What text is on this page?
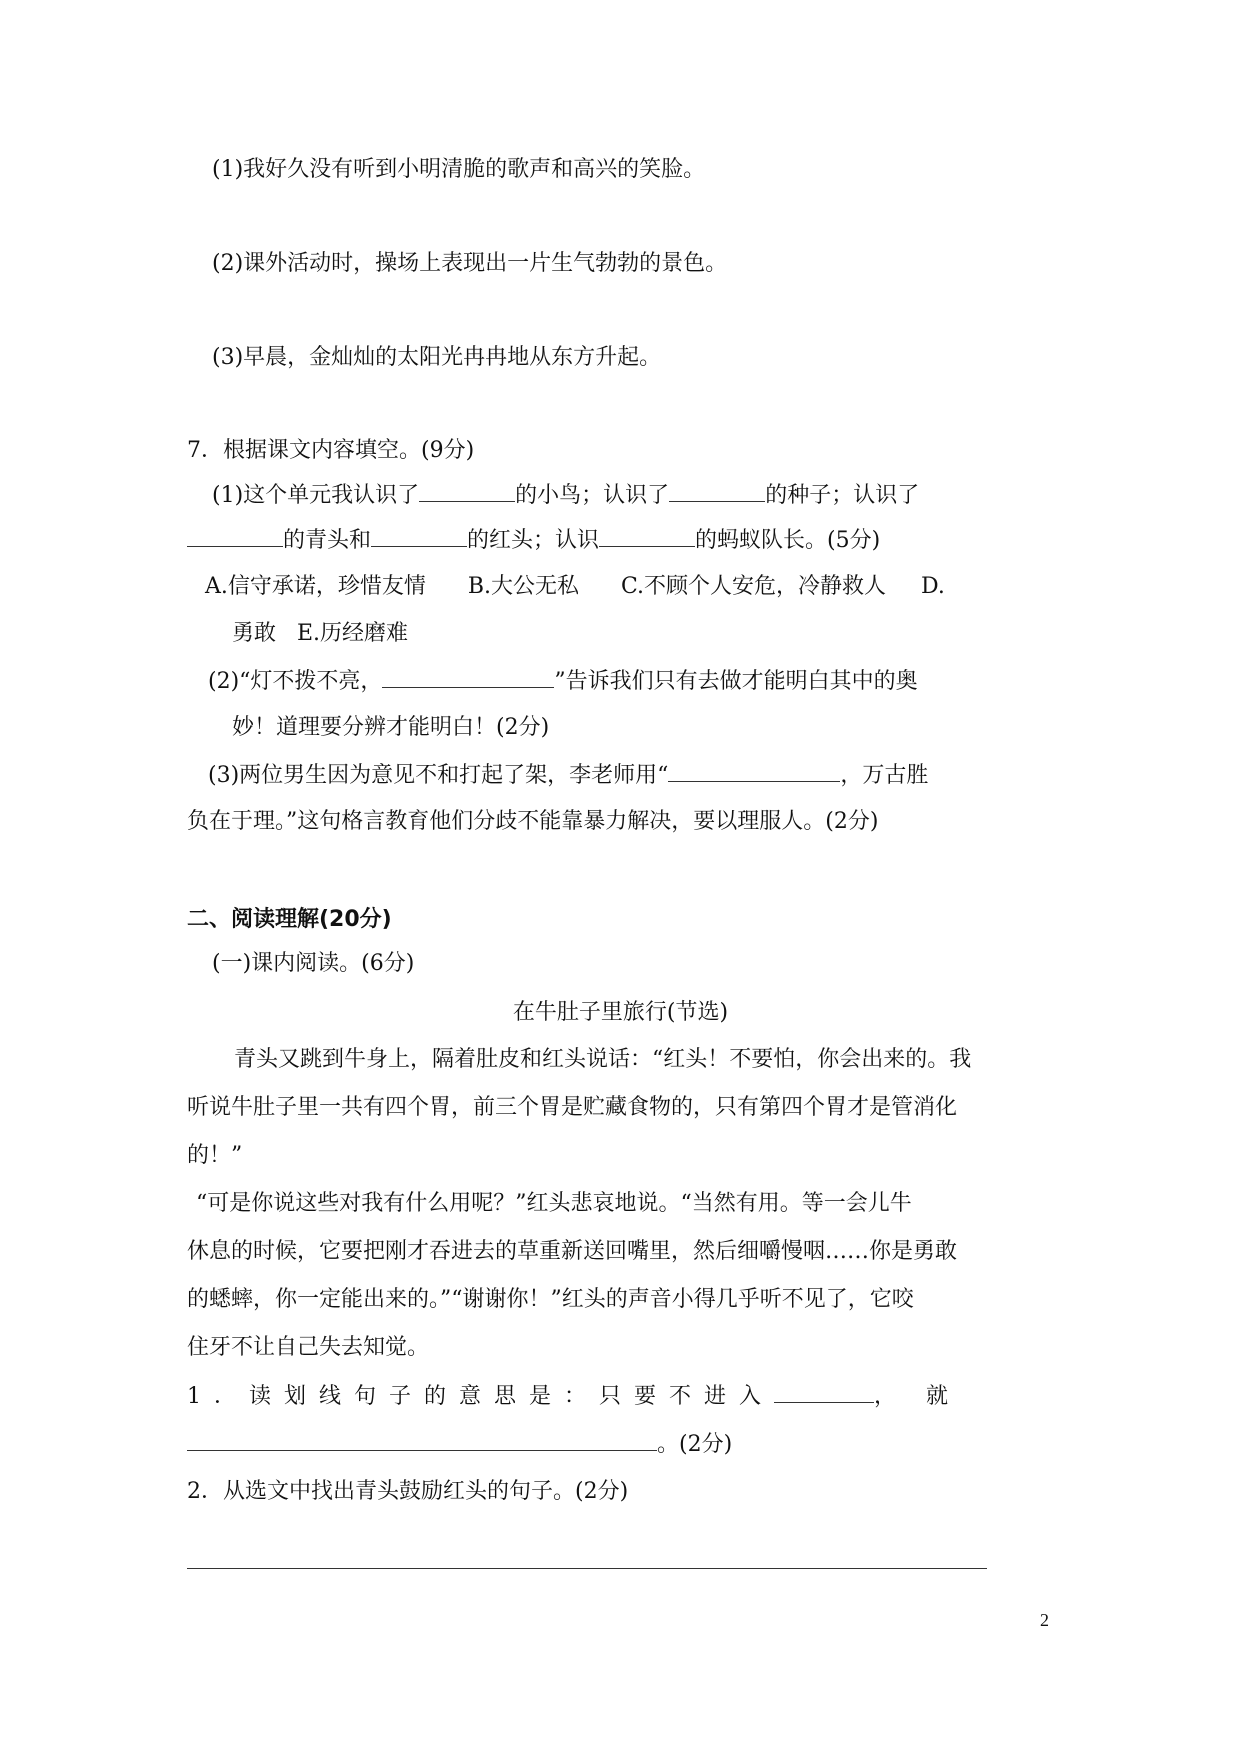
(1)我好久没有听到小明清脆的歌声和高兴的笑脸。
(2)课外活动时，操场上表现出一片生气勃勃的景色。
(3)早晨，金灿灿的太阳光冉冉地从东方升起。
7．根据课文内容填空。(9分)
(1)这个单元我认识了	的小鸟；认识了	的种子；认识了
的青头和	的红头；认识	的蚂蚁队长。(5分)
A.信守承诺，珍惜友情      B.大公无私      C.不顾个人安危，冷静救人     D.
勇敢   E.历经磨难
(2)“灯不拨不亮，	”告诉我们只有去做才能明白其中的奥
妙！道理要分辨才能明白！(2分)
(3)两位男生因为意见不和打起了架，李老师用“	，万古胜
负在于理。”这句格言教育他们分歧不能靠暴力解决，要以理服人。(2分)
二、阅读理解(20分)
(一)课内阅读。(6分)
在牛肚子里旅行(节选)
　青头又跳到牛身上，隔着肚皮和红头说话：“红头！不要怕，你会出来的。我
听说牛肚子里一共有四个胃，前三个胃是贮藏食物的，只有第四个胃才是管消化
的！”
“可是你说这些对我有什么用呢？”红头悲哀地说。“当然有用。等一会儿牛
休息的时候，它要把刚才吞进去的草重新送回嘴里，然后细嚼慢咽……你是勇敢
的蟋蟀，你一定能出来的。”“谢谢你！”红头的声音小得几乎听不见了，它咬
住牙不让自己失去知觉。
1．读划线句子的意思是：只要不进入	，就
。(2分)
2．从选文中找出青头鼓励红头的句子。(2分)
2
